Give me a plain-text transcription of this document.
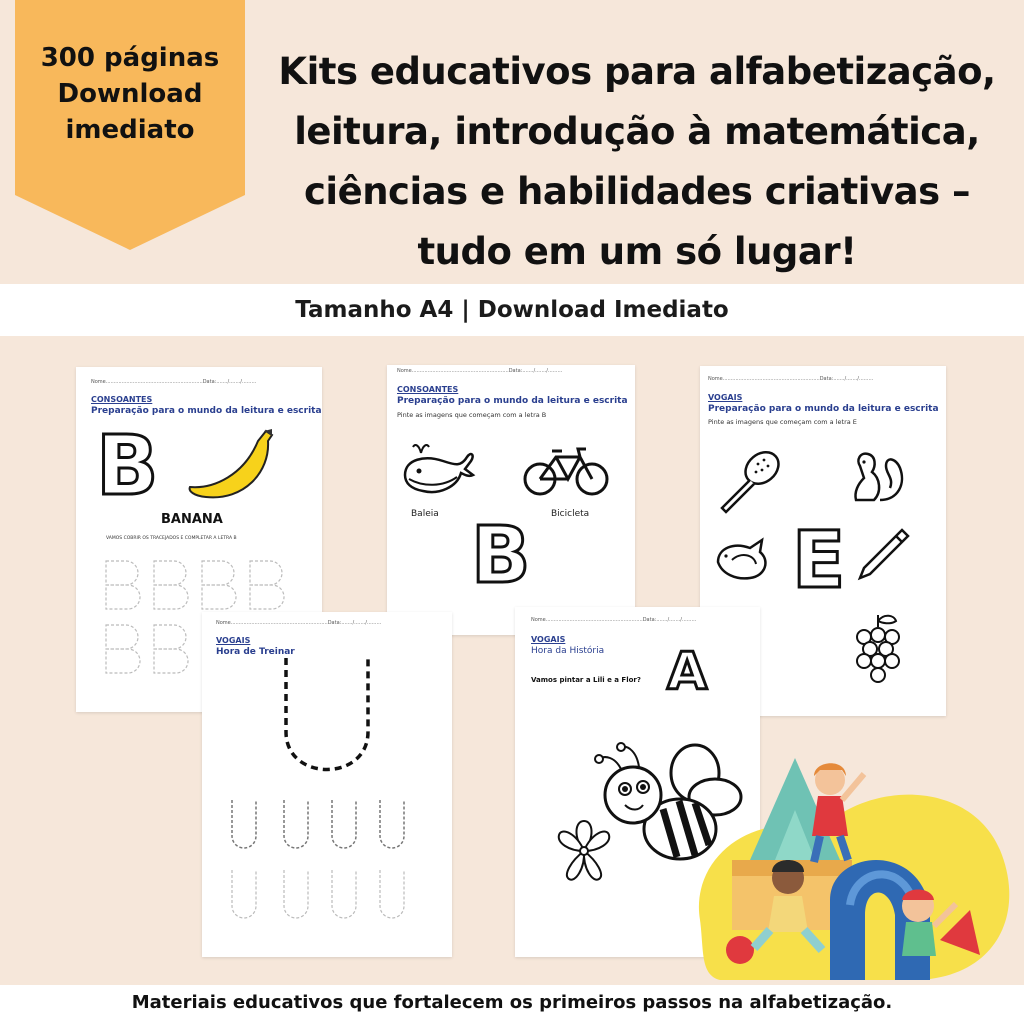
300 páginas
Download
imediato
Kits educativos para alfabetização,
leitura, introdução à matemática,
ciências e habilidades criativas –
tudo em um só lugar!
Tamanho A4 | Download Imediato
Nome.............................................................Data:......./......./.........
CONSOANTES
Preparação para o mundo da leitura e escrita
B
BANANA
VAMOS COBRIR OS TRACEJADOS E COMPLETAR A LETRA B
Nome.............................................................Data:......./......./.........
CONSOANTES
Preparação para o mundo da leitura e escrita
Pinte as imagens que começam com a letra B
Baleia	Bicicleta
B
Nome.............................................................Data:......./......./.........
VOGAIS
Preparação para o mundo da leitura e escrita
Pinte as imagens que começam com a letra E
E
Nome.............................................................Data:......./......./.........
VOGAIS
Hora de Treinar
Nome.............................................................Data:......./......./.........
VOGAIS
Hora da História A
Vamos pintar a Lili e a Flor?
Materiais educativos que fortalecem os primeiros passos na alfabetização.
